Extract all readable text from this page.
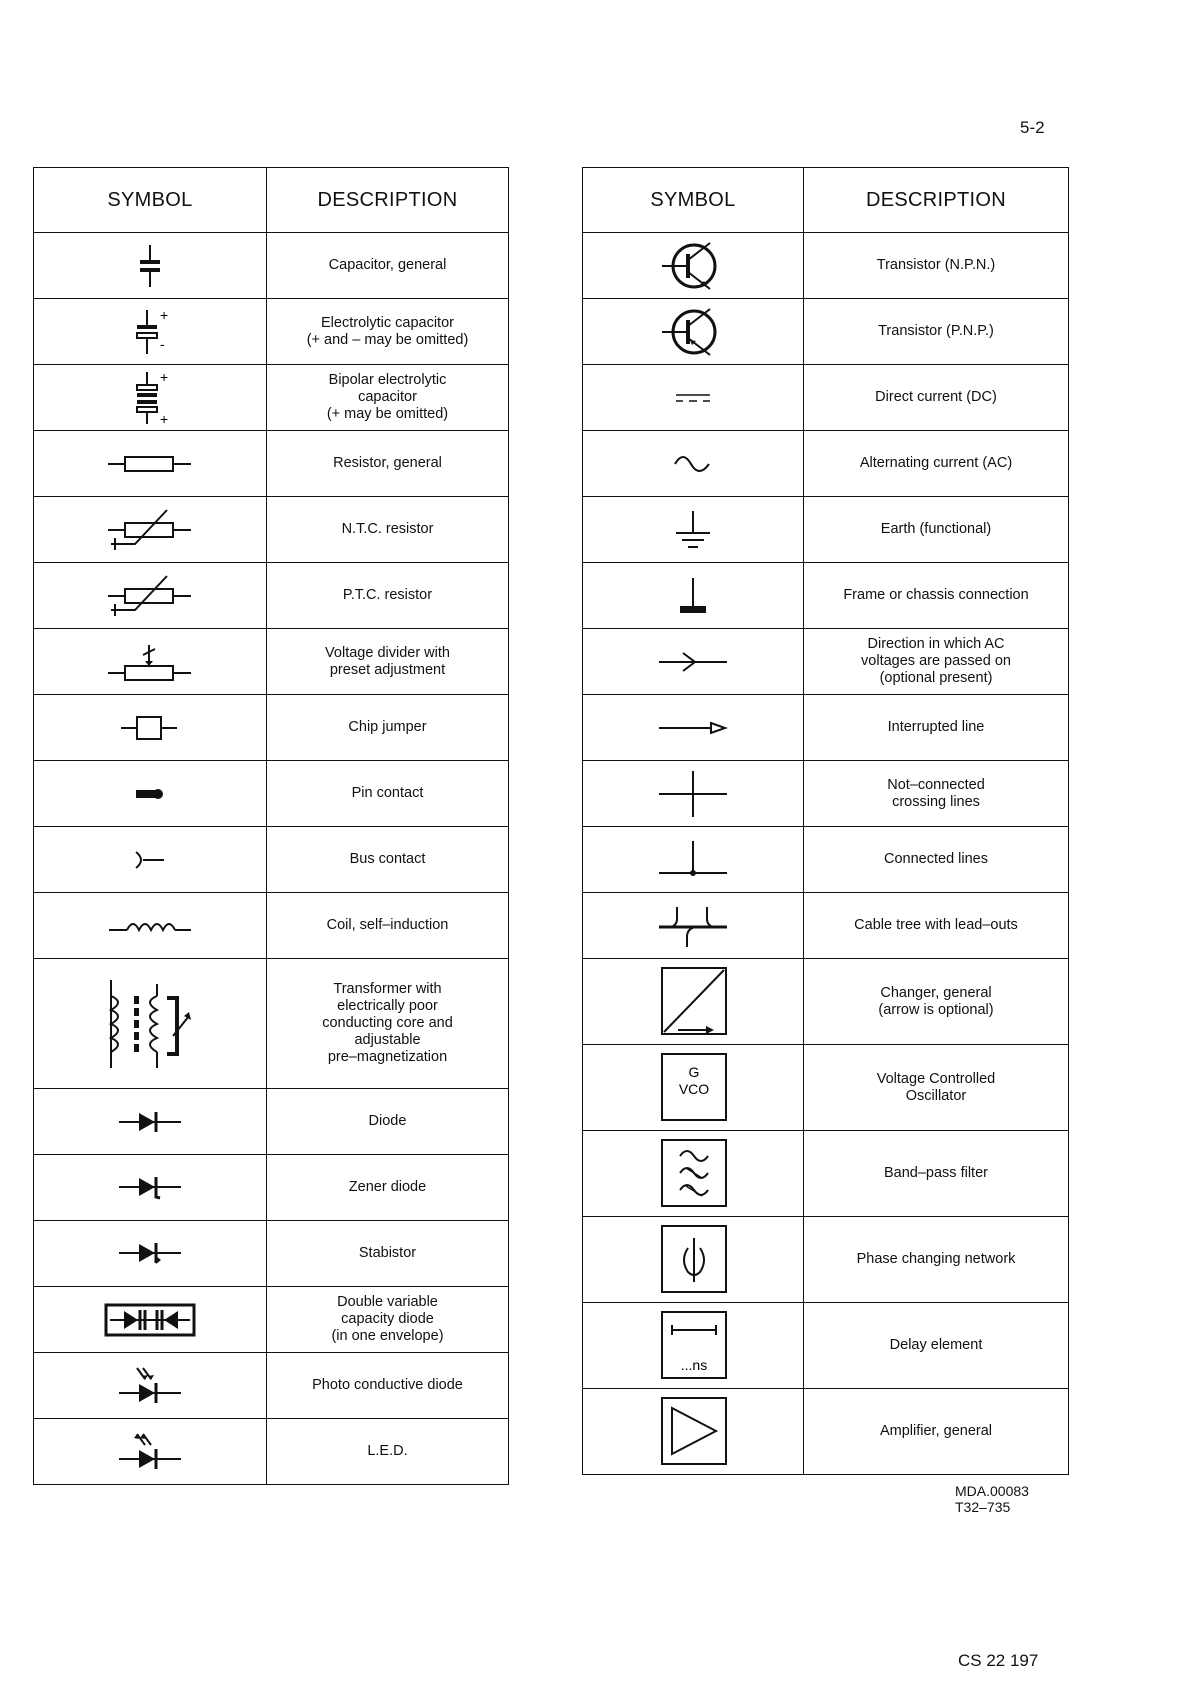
5-2
SYMBOL	DESCRIPTION

	Capacitor, general

+
-	Electrolytic capacitor
(+ and – may be omitted)

+
+	Bipolar electrolytic
capacitor
(+ may be omitted)

	Resistor, general

	N.T.C. resistor

	P.T.C. resistor

	Voltage divider with
preset adjustment

	Chip jumper

	Pin contact

	Bus contact

	Coil, self–induction

	Transformer with
electrically poor
conducting core and
adjustable
pre–magnetization

	Diode

	Zener diode

	Stabistor

	Double variable
capacity diode
(in one envelope)

	Photo conductive diode

	L.E.D.
SYMBOL	DESCRIPTION

	Transistor (N.P.N.)

	Transistor (P.N.P.)

	Direct current (DC)

	Alternating current (AC)

	Earth (functional)

	Frame or chassis connection

	Direction in which AC
voltages are passed on
(optional present)

	Interrupted line

	Not–connected
crossing lines

	Connected lines

	Cable tree with lead–outs

	Changer, general
(arrow is optional)

G
VCO	Voltage Controlled
Oscillator

	Band–pass filter

	Phase changing network

...ns	Delay element

	Amplifier, general
MDA.00083
T32–735
CS 22 197
